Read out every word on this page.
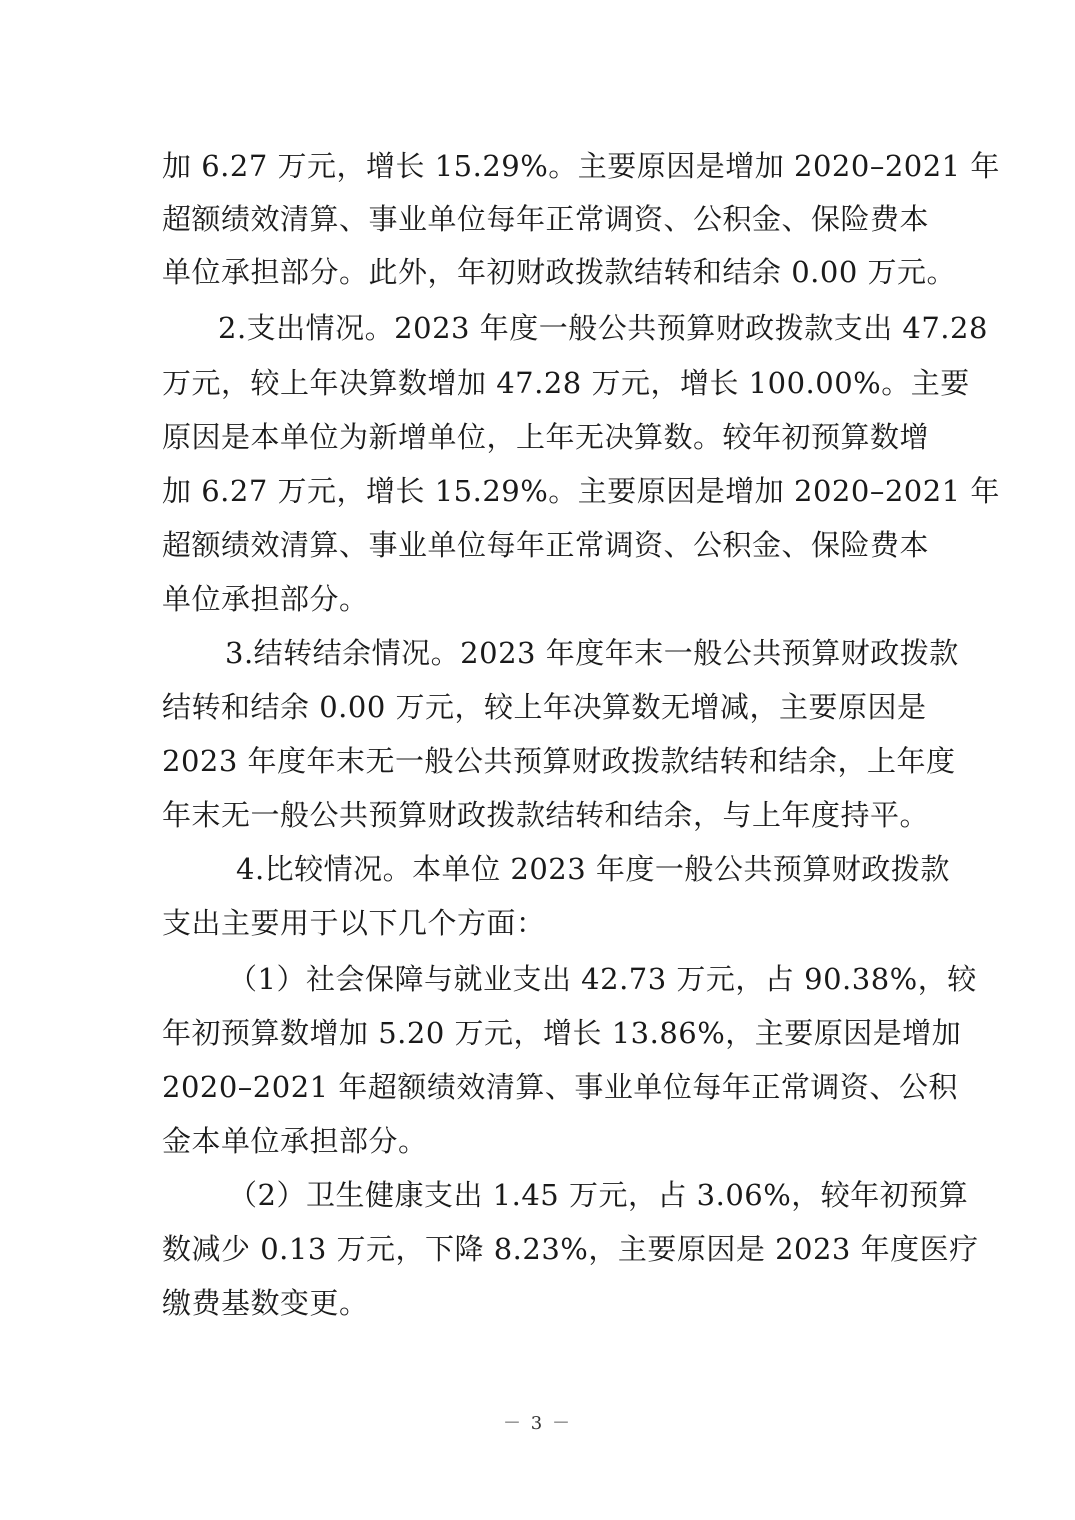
加 6.27 万元，增长 15.29%。主要原因是增加 2020–2021 年
超额绩效清算、事业单位每年正常调资、公积金、保险费本
单位承担部分。此外，年初财政拨款结转和结余 0.00 万元。
2.支出情况。2023 年度一般公共预算财政拨款支出 47.28
万元，较上年决算数增加 47.28 万元，增长 100.00%。主要
原因是本单位为新增单位，上年无决算数。较年初预算数增
加 6.27 万元，增长 15.29%。主要原因是增加 2020–2021 年
超额绩效清算、事业单位每年正常调资、公积金、保险费本
单位承担部分。
3.结转结余情况。2023 年度年末一般公共预算财政拨款
结转和结余 0.00 万元，较上年决算数无增减，主要原因是
2023 年度年末无一般公共预算财政拨款结转和结余，上年度
年末无一般公共预算财政拨款结转和结余，与上年度持平。
4.比较情况。本单位 2023 年度一般公共预算财政拨款
支出主要用于以下几个方面：
（1）社会保障与就业支出 42.73 万元，占 90.38%，较
年初预算数增加 5.20 万元，增长 13.86%，主要原因是增加
2020–2021 年超额绩效清算、事业单位每年正常调资、公积
金本单位承担部分。
（2）卫生健康支出 1.45 万元，占 3.06%，较年初预算
数减少 0.13 万元，下降 8.23%，主要原因是 2023 年度医疗
缴费基数变更。
－ 3 －
